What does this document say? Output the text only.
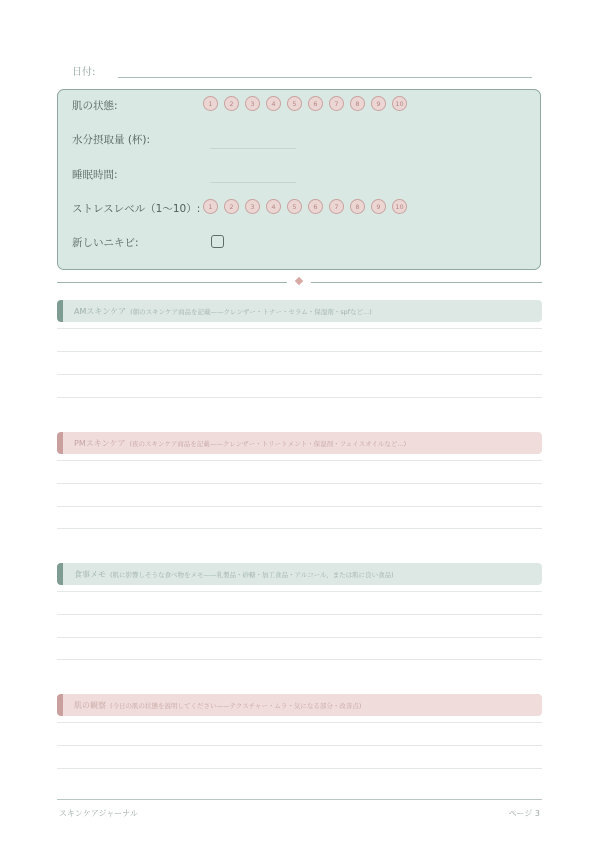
日付:
肌の状態:	1	2	3	4	5	6	7	8	9	10
水分摂取量 (杯):
睡眠時間:
ストレスレベル（1〜10）:	1	2	3	4	5	6	7	8	9	10
新しいニキビ:
AMスキンケア (朝のスキンケア商品を記載——クレンザー・トナー・セラム・保湿剤・spfなど...)
PMスキンケア (夜のスキンケア商品を記載——クレンザー・トリートメント・保湿剤・フェイスオイルなど...)
食事メモ (肌に影響しそうな食べ物をメモ——乳製品・砂糖・加工食品・アルコール、または肌に良い食品)
肌の観察 (今日の肌の状態を説明してください——テクスチャー・ムラ・気になる部分・改善点)
スキンケアジャーナル	ページ 3
